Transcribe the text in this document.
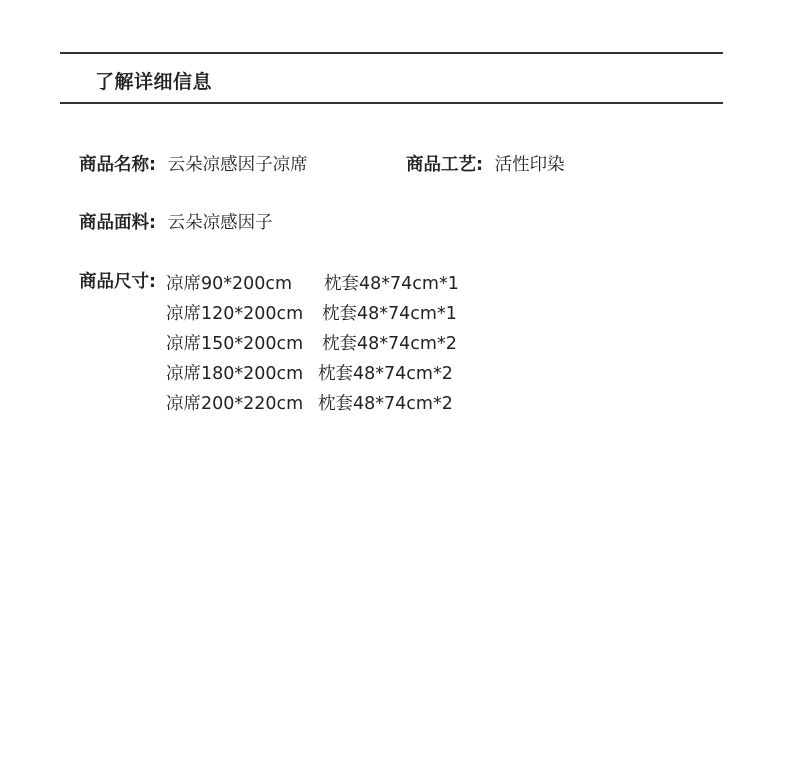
了解详细信息
商品名称: 云朵凉感因子凉席	商品工艺: 活性印染
商品面料: 云朵凉感因子
商品尺寸: 凉席90*200cm 枕套48*74cm*1
凉席120*200cm 枕套48*74cm*1
凉席150*200cm 枕套48*74cm*2
凉席180*200cm 枕套48*74cm*2
凉席200*220cm 枕套48*74cm*2
